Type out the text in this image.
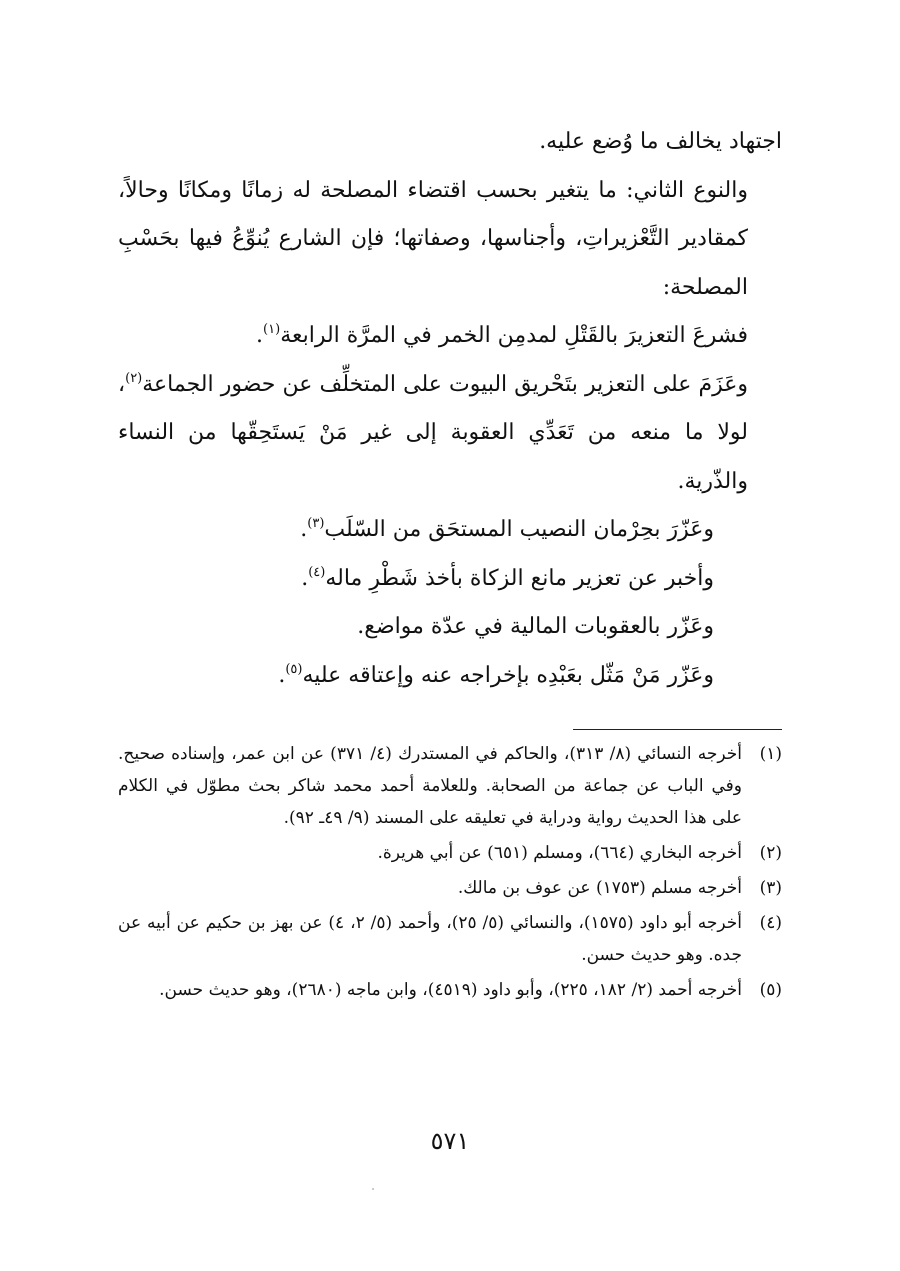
اجتهاد يخالف ما وُضع عليه.

والنوع الثاني: ما يتغير بحسب اقتضاء المصلحة له زمانًا ومكانًا وحالاً، كمقادير التَّعْزيراتِ، وأجناسها، وصفاتها؛ فإن الشارع يُنوِّعُ فيها بحَسْبِ المصلحة:

فشرعَ التعزيرَ بالقَتْلِ لمدمِن الخمر في المرَّة الرابعة$^{(١)}$.

وعَزَمَ على التعزير بتَحْريق البيوت على المتخلِّف عن حضور الجماعة$^{(٢)}$، لولا ما منعه من تَعَدِّي العقوبة إلى غير مَنْ يَستَحِقّها من النساء والذّرية.

وعَزّرَ بحِرْمان النصيب المستحَق من السّلَب$^{(٣)}$.

وأخبر عن تعزير مانع الزكاة بأخذ شَطْرِ ماله$^{(٤)}$.

وعَزّر بالعقوبات المالية في عدّة مواضع.

وعَزّر مَنْ مَثّل بعَبْدِه بإخراجه عنه وإعتاقه عليه$^{(٥)}$.

(١)
أخرجه النسائي (٨/ ٣١٣)، والحاكم في المستدرك (٤/ ٣٧١) عن ابن عمر، وإسناده صحيح. وفي الباب عن جماعة من الصحابة. وللعلامة أحمد محمد شاكر بحث مطوّل في الكلام على هذا الحديث رواية ودراية في تعليقه على المسند (٩/ ٤٩ـ ٩٢).
(٢)
أخرجه البخاري (٦٦٤)، ومسلم (٦٥١) عن أبي هريرة.
(٣)
أخرجه مسلم (١٧٥٣) عن عوف بن مالك.
(٤)
أخرجه أبو داود (١٥٧٥)، والنسائي (٥/ ٢٥)، وأحمد (٥/ ٢، ٤) عن بهز بن حكيم عن أبيه عن جده. وهو حديث حسن.
(٥)
أخرجه أحمد (٢/ ١٨٢، ٢٢٥)، وأبو داود (٤٥١٩)، وابن ماجه (٢٦٨٠)، وهو حديث حسن.
٥٧١
